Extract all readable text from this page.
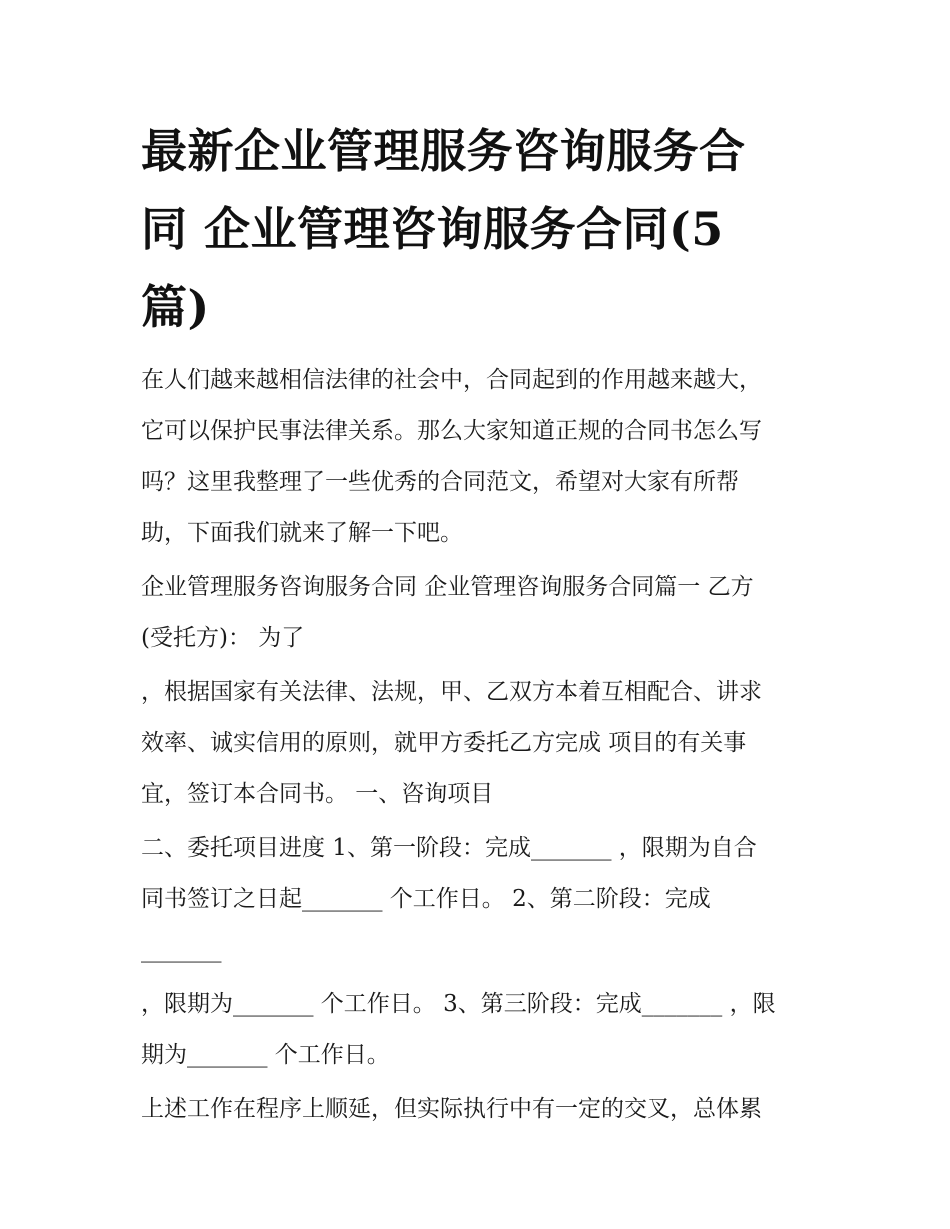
最新企业管理服务咨询服务合
同 企业管理咨询服务合同(5
篇)

在人们越来越相信法律的社会中，合同起到的作用越来越大，
它可以保护民事法律关系。那么大家知道正规的合同书怎么写
吗？这里我整理了一些优秀的合同范文，希望对大家有所帮
助，下面我们就来了解一下吧。

企业管理服务咨询服务合同 企业管理咨询服务合同篇一 乙方
(受托方)： 为了

，根据国家有关法律、法规，甲、乙双方本着互相配合、讲求
效率、诚实信用的原则，就甲方委托乙方完成 项目的有关事
宜，签订本合同书。 一、咨询项目

二、委托项目进度 1、第一阶段：完成_______ ，限期为自合
同书签订之日起_______ 个工作日。 2、第二阶段：完成
_______

，限期为_______ 个工作日。 3、第三阶段：完成_______ ，限
期为_______ 个工作日。

上述工作在程序上顺延，但实际执行中有一定的交叉，总体累
